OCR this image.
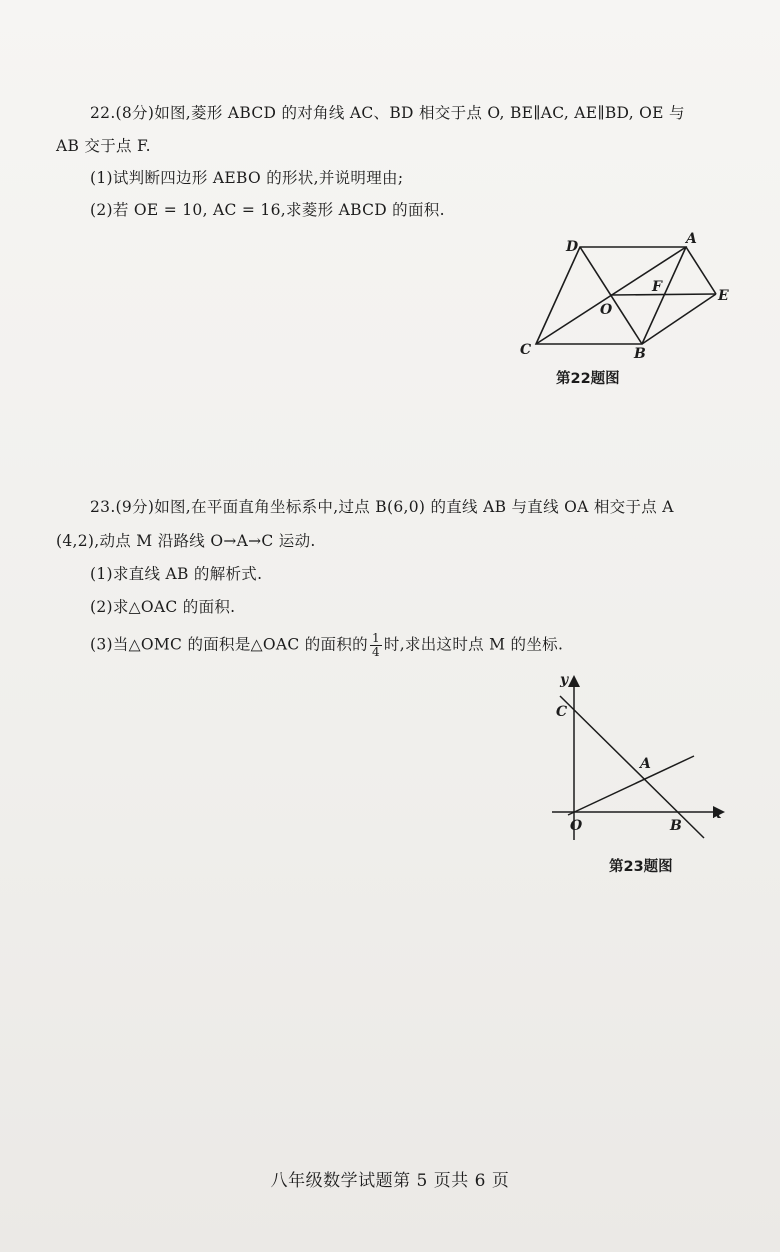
22.(8分)如图,菱形 ABCD 的对角线 AC、BD 相交于点 O, BE∥AC, AE∥BD, OE 与
AB 交于点 F.
(1)试判断四边形 AEBO 的形状,并说明理由;
(2)若 OE = 10, AC = 16,求菱形 ABCD 的面积.
D	A
E
F
O
C	B
第22题图
23.(9分)如图,在平面直角坐标系中,过点 B(6,0) 的直线 AB 与直线 OA 相交于点 A
(4,2),动点 M 沿路线 O→A→C 运动.
(1)求直线 AB 的解析式.
(2)求△OAC 的面积.
(3)当△OMC 的面积是△OAC 的面积的 $\frac{1}{4}$ 时,求出这时点 M 的坐标.
y
x
C
A
O	B
第23题图
八年级数学试题第 5 页共 6 页
